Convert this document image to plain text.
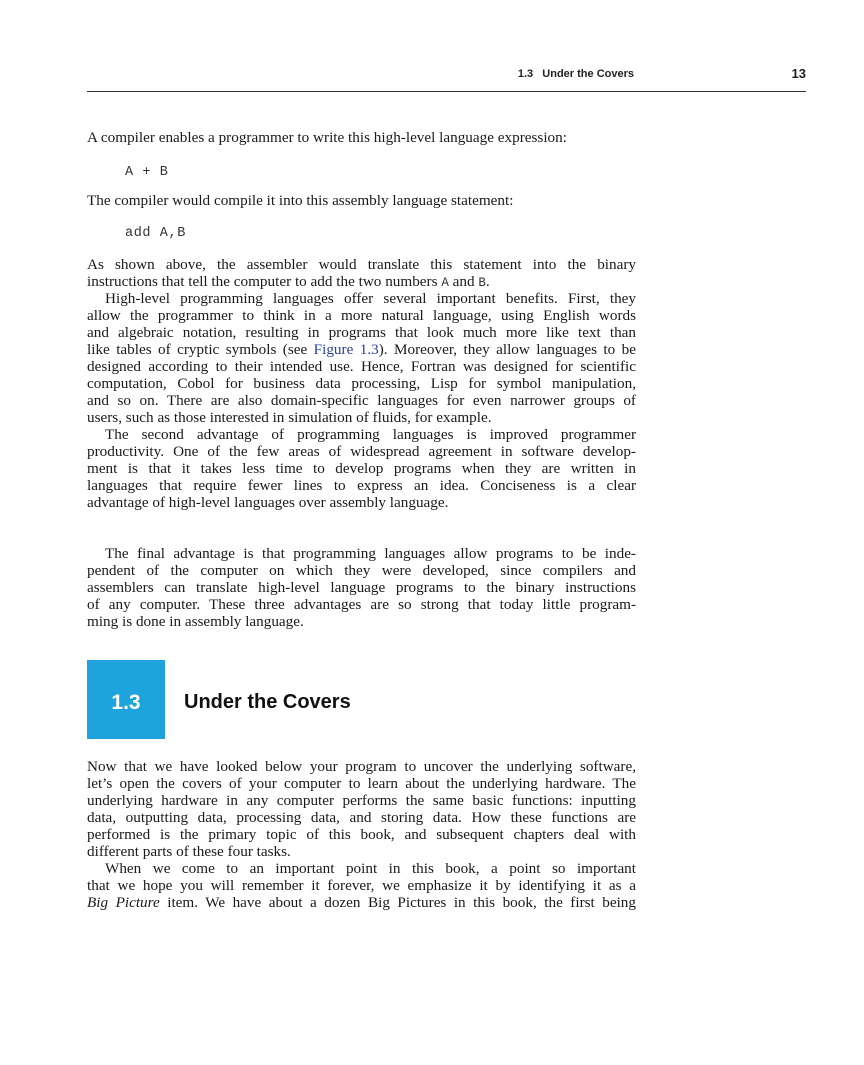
1.3   Under the Covers	13

A compiler enables a programmer to write this high-level language expression:

A + B

The compiler would compile it into this assembly language statement:

add A,B

As shown above, the assembler would translate this statement into the binary
instructions that tell the computer to add the two numbers A and B.

High-level programming languages offer several important benefits. First, they
allow the programmer to think in a more natural language, using English words
and algebraic notation, resulting in programs that look much more like text than
like tables of cryptic symbols (see Figure 1.3). Moreover, they allow languages to be
designed according to their intended use. Hence, Fortran was designed for scientific
computation, Cobol for business data processing, Lisp for symbol manipulation,
and so on. There are also domain-specific languages for even narrower groups of
users, such as those interested in simulation of fluids, for example.

The second advantage of programming languages is improved programmer
productivity. One of the few areas of widespread agreement in software develop-
ment is that it takes less time to develop programs when they are written in
languages that require fewer lines to express an idea. Conciseness is a clear
advantage of high-level languages over assembly language.

The final advantage is that programming languages allow programs to be inde-
pendent of the computer on which they were developed, since compilers and
assemblers can translate high-level language programs to the binary instructions
of any computer. These three advantages are so strong that today little program-
ming is done in assembly language.

1.3	Under the Covers

Now that we have looked below your program to uncover the underlying software,
let’s open the covers of your computer to learn about the underlying hardware. The
underlying hardware in any computer performs the same basic functions: inputting
data, outputting data, processing data, and storing data. How these functions are
performed is the primary topic of this book, and subsequent chapters deal with
different parts of these four tasks.

When we come to an important point in this book, a point so important
that we hope you will remember it forever, we emphasize it by identifying it as a
Big Picture item. We have about a dozen Big Pictures in this book, the first being
